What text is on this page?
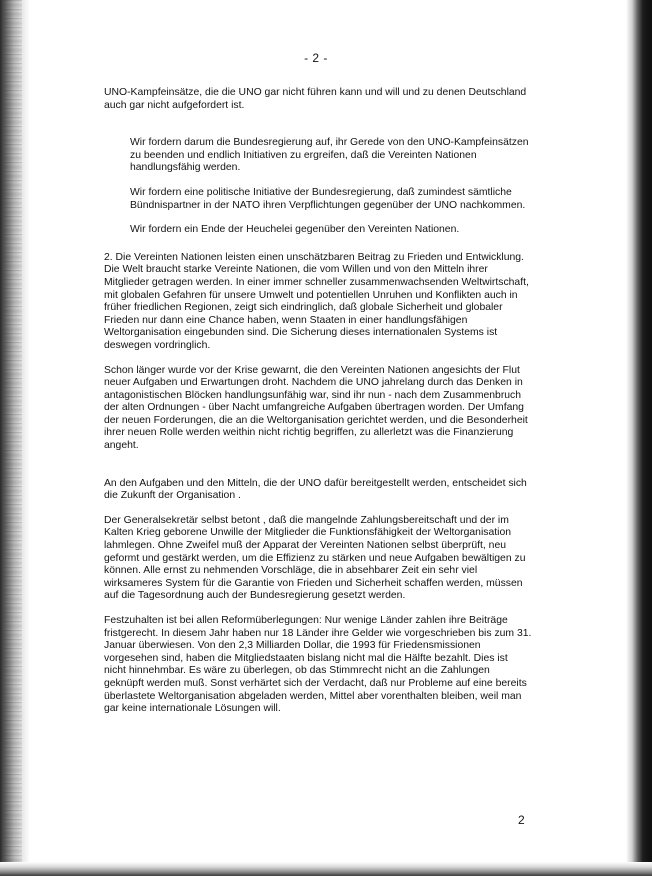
- 2 -

UNO-Kampfeinsätze, die die UNO gar nicht führen kann und will und zu denen Deutschland auch gar nicht aufgefordert ist.

Wir fordern darum die Bundesregierung auf, ihr Gerede von den UNO-Kampfeinsätzen zu beenden und endlich Initiativen zu ergreifen, daß die Vereinten Nationen handlungsfähig werden.

Wir fordern eine politische Initiative der Bundesregierung, daß zumindest sämtliche Bündnispartner in der NATO ihren Verpflichtungen gegenüber der UNO nachkommen.

Wir fordern ein Ende der Heuchelei gegenüber den Vereinten Nationen.

2. Die Vereinten Nationen leisten einen unschätzbaren Beitrag zu Frieden und Entwicklung. Die Welt braucht starke Vereinte Nationen, die vom Willen und von den Mitteln ihrer Mitglieder getragen werden. In einer immer schneller zusammenwachsenden Weltwirtschaft, mit globalen Gefahren für unsere Umwelt und potentiellen Unruhen und Konflikten auch in früher friedlichen Regionen, zeigt sich eindringlich, daß globale Sicherheit und globaler Frieden nur dann eine Chance haben, wenn Staaten in einer handlungsfähigen Weltorganisation eingebunden sind. Die Sicherung dieses internationalen Systems ist deswegen vordringlich.

Schon länger wurde vor der Krise gewarnt, die den Vereinten Nationen angesichts der Flut neuer Aufgaben und Erwartungen droht. Nachdem die UNO jahrelang durch das Denken in antagonistischen Blöcken handlungsunfähig war, sind ihr nun - nach dem Zusammenbruch der alten Ordnungen - über Nacht umfangreiche Aufgaben übertragen worden. Der Umfang der neuen Forderungen, die an die Weltorganisation gerichtet werden, und die Besonderheit ihrer neuen Rolle werden weithin nicht richtig begriffen, zu allerletzt was die Finanzierung angeht.

An den Aufgaben und den Mitteln, die der UNO dafür bereitgestellt werden, entscheidet sich die Zukunft der Organisation .

Der Generalsekretär selbst betont , daß die mangelnde Zahlungsbereitschaft und der im Kalten Krieg geborene Unwille der Mitglieder die Funktionsfähigkeit der Weltorganisation lahmlegen. Ohne Zweifel muß der Apparat der Vereinten Nationen selbst überprüft, neu geformt und gestärkt werden, um die Effizienz zu stärken und neue Aufgaben bewältigen zu können. Alle ernst zu nehmenden Vorschläge, die in absehbarer Zeit ein sehr viel wirksameres System für die Garantie von Frieden und Sicherheit schaffen werden, müssen auf die Tagesordnung auch der Bundesregierung gesetzt werden.

Festzuhalten ist bei allen Reformüberlegungen: Nur wenige Länder zahlen ihre Beiträge fristgerecht. In diesem Jahr haben nur 18 Länder ihre Gelder wie vorgeschrieben bis zum 31. Januar überwiesen. Von den 2,3 Milliarden Dollar, die 1993 für Friedensmissionen vorgesehen sind, haben die Mitgliedstaaten bislang nicht mal die Hälfte bezahlt. Dies ist nicht hinnehmbar. Es wäre zu überlegen, ob das Stimmrecht nicht an die Zahlungen geknüpft werden muß. Sonst verhärtet sich der Verdacht, daß nur Probleme auf eine bereits überlastete Weltorganisation abgeladen werden, Mittel aber vorenthalten bleiben, weil man gar keine internationale Lösungen will.

2
